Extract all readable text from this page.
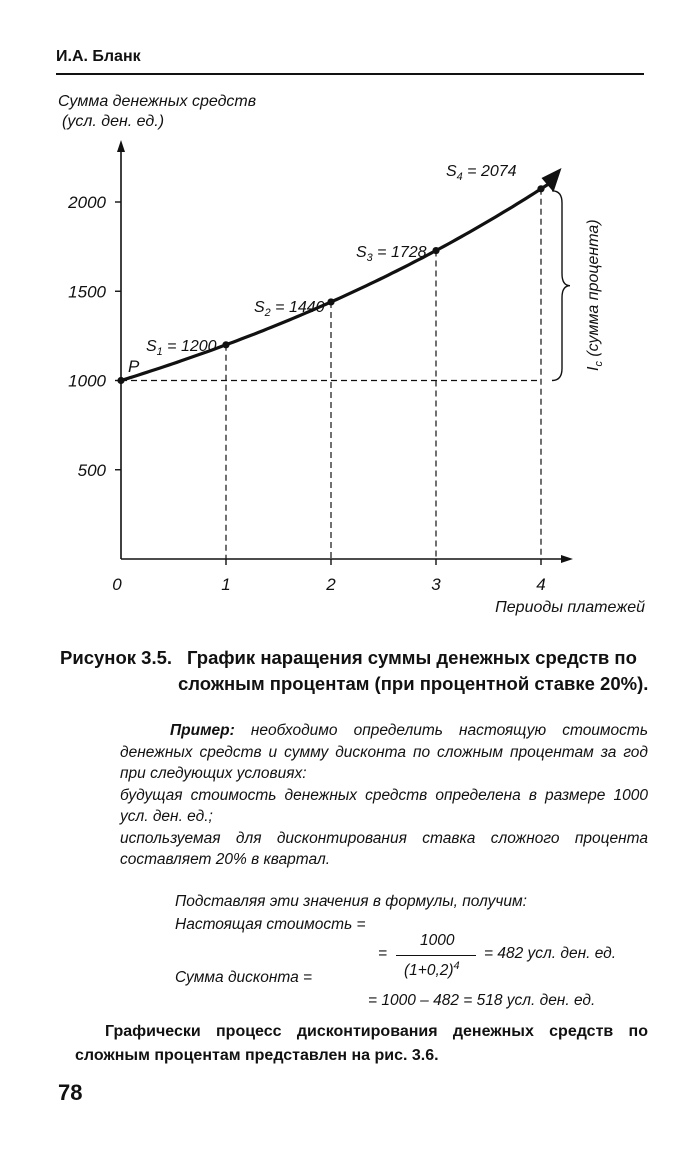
И.А. Бланк
Сумма денежных средств
(усл. ден. ед.)
Периоды платежей
500
1000
1500
2000
0	1	2	3	4
P
$S_1 = 1200$
$S_2 = 1440$
$S_3 = 1728$
$S_4 = 2074$
$I_c$ (сумма процента)
Рисунок 3.5. График наращения суммы денежных средств по
сложным процентам (при процентной ставке 20%).

Пример: необходимо определить настоящую стоимость денежных средств и сумму дисконта по сложным процентам за год при следующих условиях:

будущая стоимость денежных средств определена в размере 1000 усл. ден. ед.;

используемая для дисконтирования ставка сложного процента составляет 20% в квартал.

Подставляя эти значения в формулы, получим:
Настоящая стоимость =
=
1000
$(1+0,2)^4$
= 482 усл. ден. ед.
Сумма дисконта =
= 1000 – 482 = 518 усл. ден. ед.
Графически процесс дисконтирования денежных средств по сложным процентам представлен на рис. 3.6.
78
